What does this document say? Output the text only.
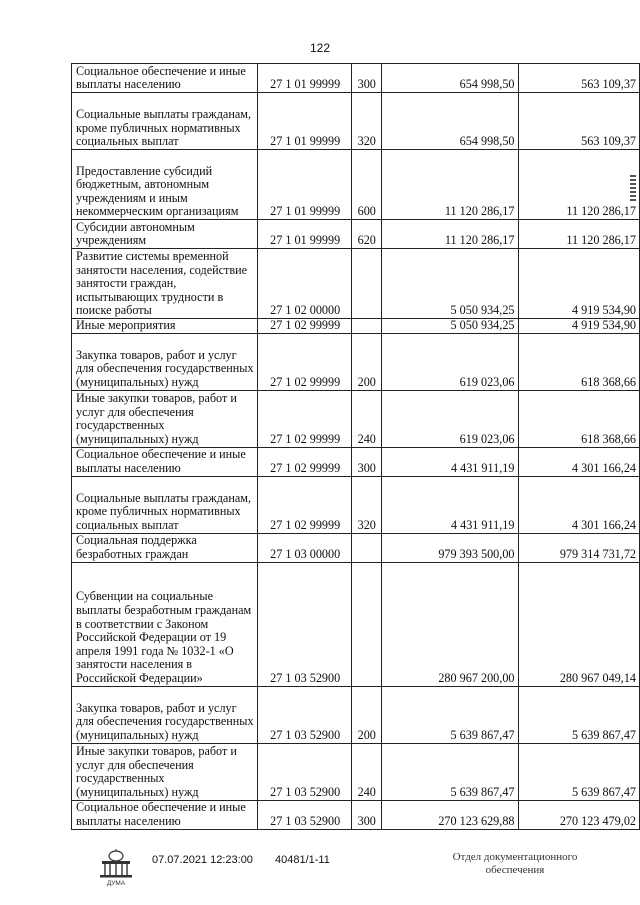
122
Социальное обеспечение и иные выплаты населению	27 1 01 99999	300	654 998,50	563 109,37
Социальные выплаты гражданам, кроме публичных нормативных социальных выплат	27 1 01 99999	320	654 998,50	563 109,37
Предоставление субсидий бюджетным, автономным учреждениям и иным некоммерческим организациям	27 1 01 99999	600	11 120 286,17	11 120 286,17
Субсидии автономным учреждениям	27 1 01 99999	620	11 120 286,17	11 120 286,17
Развитие системы временной занятости населения, содействие занятости граждан, испытывающих трудности в поиске работы	27 1 02 00000		5 050 934,25	4 919 534,90
Иные мероприятия	27 1 02 99999		5 050 934,25	4 919 534,90
Закупка товаров, работ и услуг для обеспечения государственных (муниципальных) нужд	27 1 02 99999	200	619 023,06	618 368,66
Иные закупки товаров, работ и услуг для обеспечения государственных (муниципальных) нужд	27 1 02 99999	240	619 023,06	618 368,66
Социальное обеспечение и иные выплаты населению	27 1 02 99999	300	4 431 911,19	4 301 166,24
Социальные выплаты гражданам, кроме публичных нормативных социальных выплат	27 1 02 99999	320	4 431 911,19	4 301 166,24
Социальная поддержка безработных граждан	27 1 03 00000		979 393 500,00	979 314 731,72
Субвенции на социальные выплаты безработным гражданам в соответствии с Законом Российской Федерации от 19 апреля 1991 года № 1032-1 «О занятости населения в Российской Федерации»	27 1 03 52900		280 967 200,00	280 967 049,14
Закупка товаров, работ и услуг для обеспечения государственных (муниципальных) нужд	27 1 03 52900	200	5 639 867,47	5 639 867,47
Иные закупки товаров, работ и услуг для обеспечения государственных (муниципальных) нужд	27 1 03 52900	240	5 639 867,47	5 639 867,47
Социальное обеспечение и иные выплаты населению	27 1 03 52900	300	270 123 629,88	270 123 479,02
ДУМА
07.07.2021 12:23:00 40481/1-11	Отдел документационного
обеспечения
